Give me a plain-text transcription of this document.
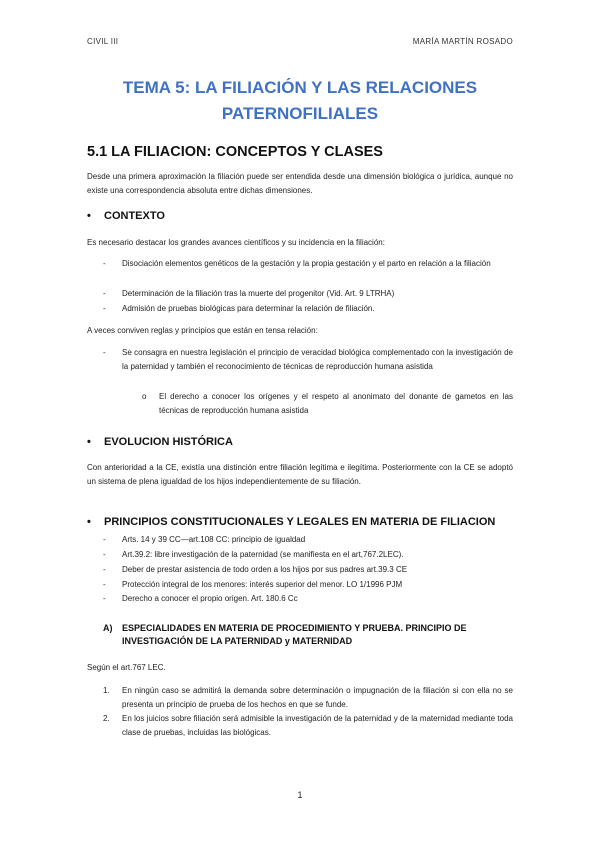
CIVIL III	MARÍA MARTÍN ROSADO
TEMA 5: LA FILIACIÓN Y LAS RELACIONES
PATERNOFILIALES
5.1 LA FILIACION: CONCEPTOS Y CLASES
Desde una primera aproximación la filiación puede ser entendida desde una dimensión biológica o jurídica, aunque no existe una correspondencia absoluta entre dichas dimensiones.
• CONTEXTO
Es necesario destacar los grandes avances científicos y su incidencia en la filiación:
- Disociación elementos genéticos de la gestación y la propia gestación y el parto en relación a la filiación
- Determinación de la filiación tras la muerte del progenitor (Vid. Art. 9 LTRHA)
- Admisión de pruebas biológicas para determinar la relación de filiación.
A veces conviven reglas y principios que están en tensa relación:
- Se consagra en nuestra legislación el principio de veracidad biológica complementado con la investigación de la paternidad y también el reconocimiento de técnicas de reproducción humana asistida
o El derecho a conocer los orígenes y el respeto al anonimato del donante de gametos en las técnicas de reproducción humana asistida
• EVOLUCION HISTÓRICA
Con anterioridad a la CE, existía una distinción entre filiación legítima e ilegítima. Posteriormente con la CE se adoptó un sistema de plena igualdad de los hijos independientemente de su filiación.
• PRINCIPIOS CONSTITUCIONALES Y LEGALES EN MATERIA DE FILIACION
- Arts. 14 y 39 CC—art.108 CC: principio de igualdad
- Art.39.2: libre investigación de la paternidad (se manifiesta en el art,767.2LEC).
- Deber de prestar asistencia de todo orden a los hijos por sus padres art.39.3 CE
- Protección integral de los menores: interés superior del menor. LO 1/1996 PJM
- Derecho a conocer el propio origen. Art. 180.6 Cc
A) ESPECIALIDADES EN MATERIA DE PROCEDIMIENTO Y PRUEBA. PRINCIPIO DE INVESTIGACIÓN DE LA PATERNIDAD y MATERNIDAD
Según el art.767 LEC.
1. En ningún caso se admitirá la demanda sobre determinación o impugnación de la filiación si con ella no se presenta un principio de prueba de los hechos en que se funde.
2. En los juicios sobre filiación será admisible la investigación de la paternidad y de la maternidad mediante toda clase de pruebas, incluidas las biológicas.
1
